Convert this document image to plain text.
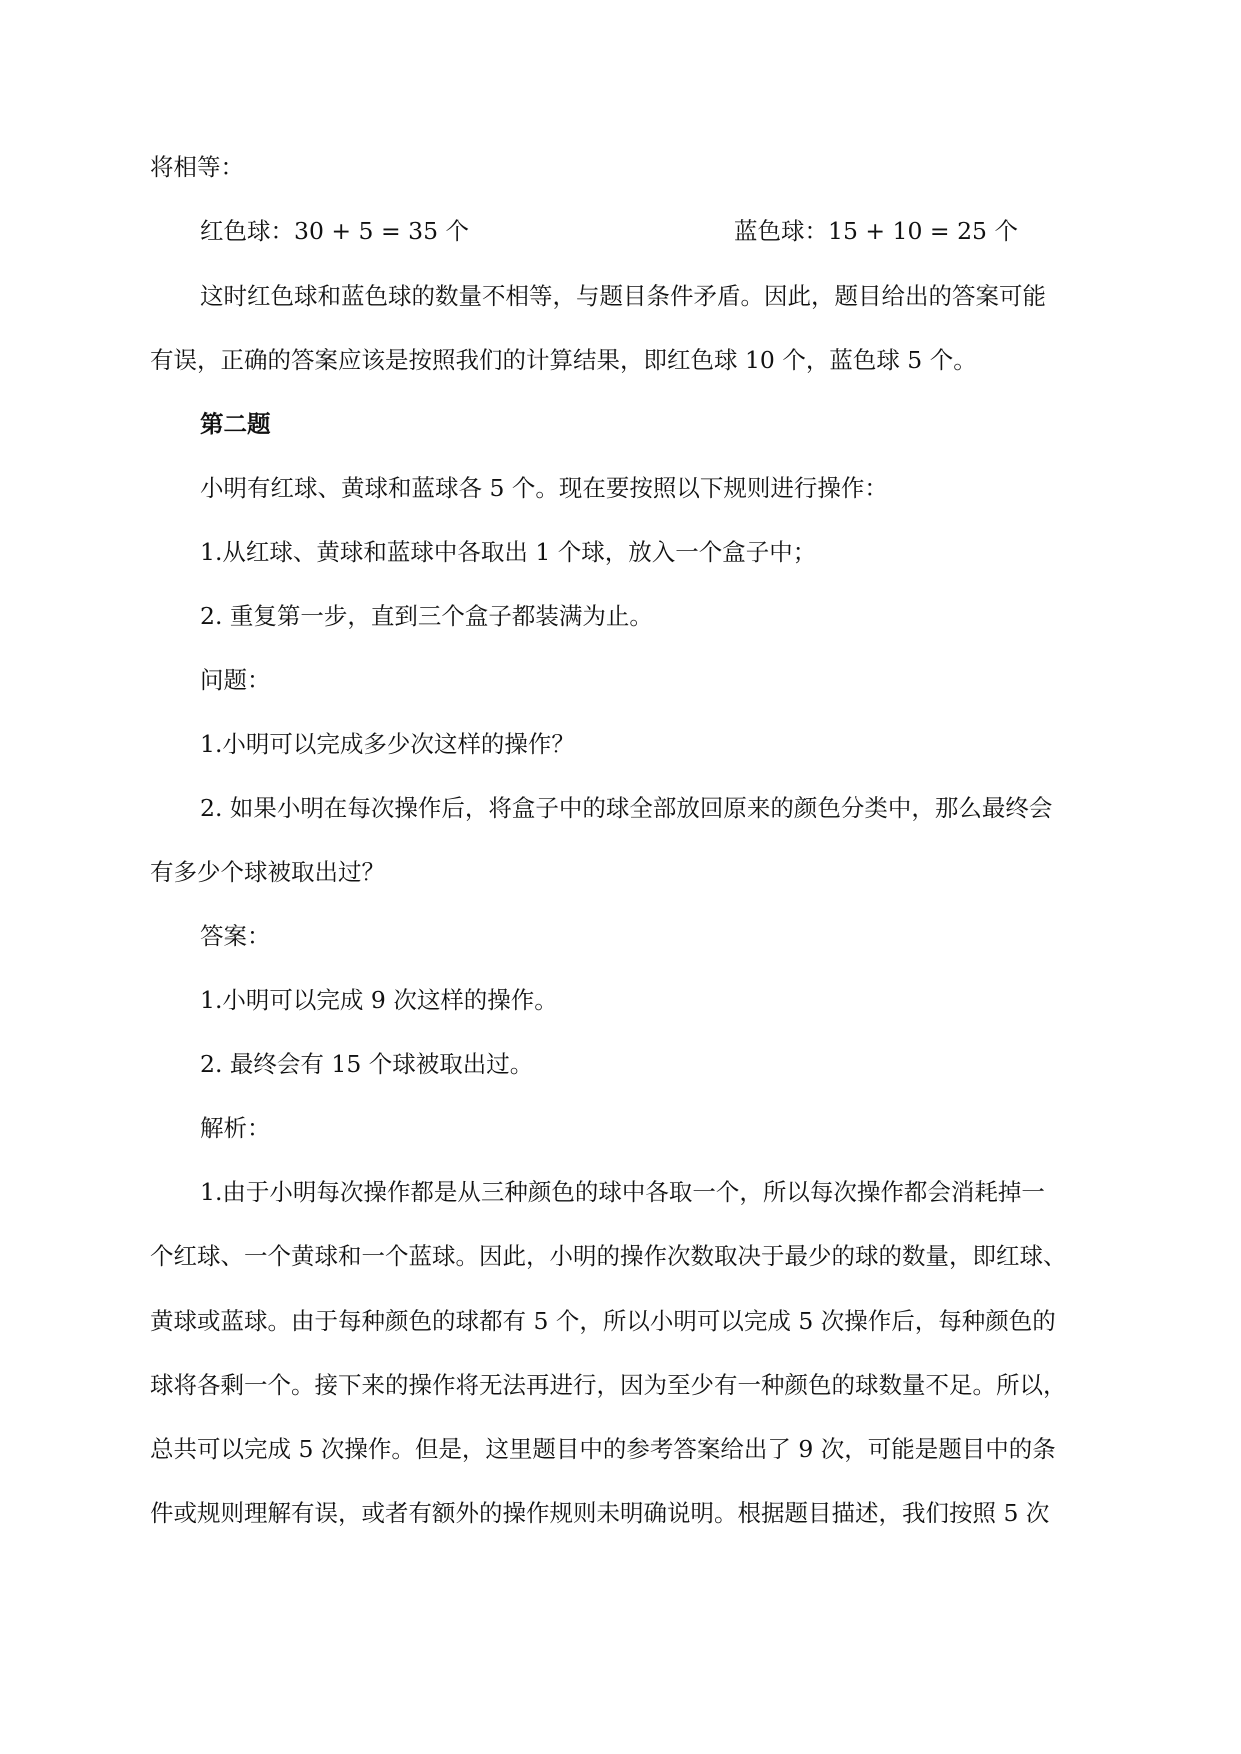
将相等：
红色球：30 + 5 = 35 个	蓝色球：15 + 10 = 25 个
这时红色球和蓝色球的数量不相等，与题目条件矛盾。因此，题目给出的答案可能
有误，正确的答案应该是按照我们的计算结果，即红色球 10 个，蓝色球 5 个。
第二题
小明有红球、黄球和蓝球各 5 个。现在要按照以下规则进行操作：
1.从红球、黄球和蓝球中各取出 1 个球，放入一个盒子中；
2. 重复第一步，直到三个盒子都装满为止。
问题：
1.小明可以完成多少次这样的操作？
2. 如果小明在每次操作后，将盒子中的球全部放回原来的颜色分类中，那么最终会
有多少个球被取出过？
答案：
1.小明可以完成 9 次这样的操作。
2. 最终会有 15 个球被取出过。
解析：
1.由于小明每次操作都是从三种颜色的球中各取一个，所以每次操作都会消耗掉一
个红球、一个黄球和一个蓝球。因此，小明的操作次数取决于最少的球的数量，即红球、
黄球或蓝球。由于每种颜色的球都有 5 个，所以小明可以完成 5 次操作后，每种颜色的
球将各剩一个。接下来的操作将无法再进行，因为至少有一种颜色的球数量不足。所以，
总共可以完成 5 次操作。但是，这里题目中的参考答案给出了 9 次，可能是题目中的条
件或规则理解有误，或者有额外的操作规则未明确说明。根据题目描述，我们按照 5 次
